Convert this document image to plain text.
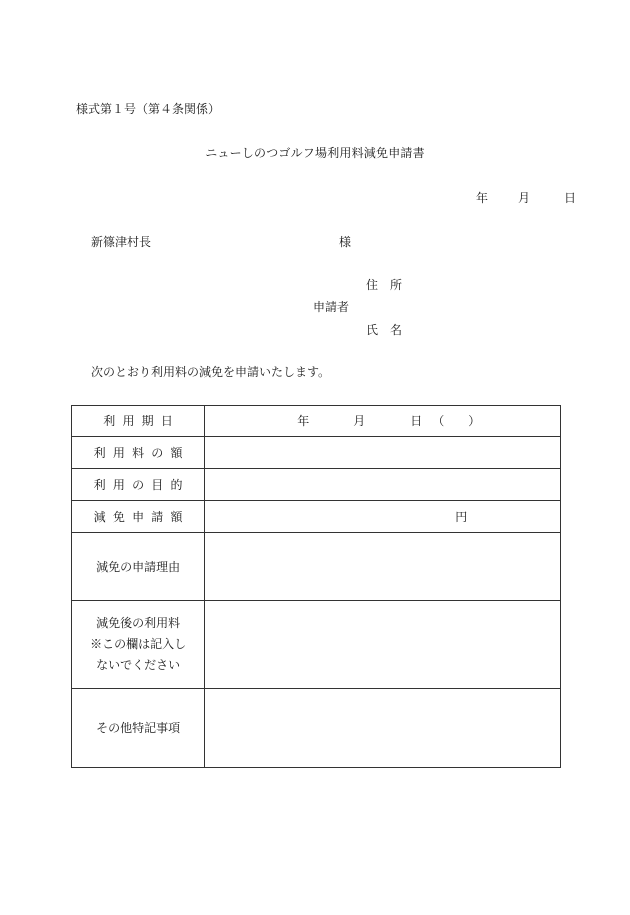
様式第１号（第４条関係）
ニューしのつゴルフ場利用料減免申請書
年	月	日
新篠津村長	様
住　所
申請者
氏　名
次のとおり利用料の減免を申請いたします。
利用期日	年 月 日 （　　）

利用料の額	
利用の目的	
減免申請額	円

減免の申請理由	

減免後の利用料
※この欄は記入し
ないでください	

その他特記事項	
